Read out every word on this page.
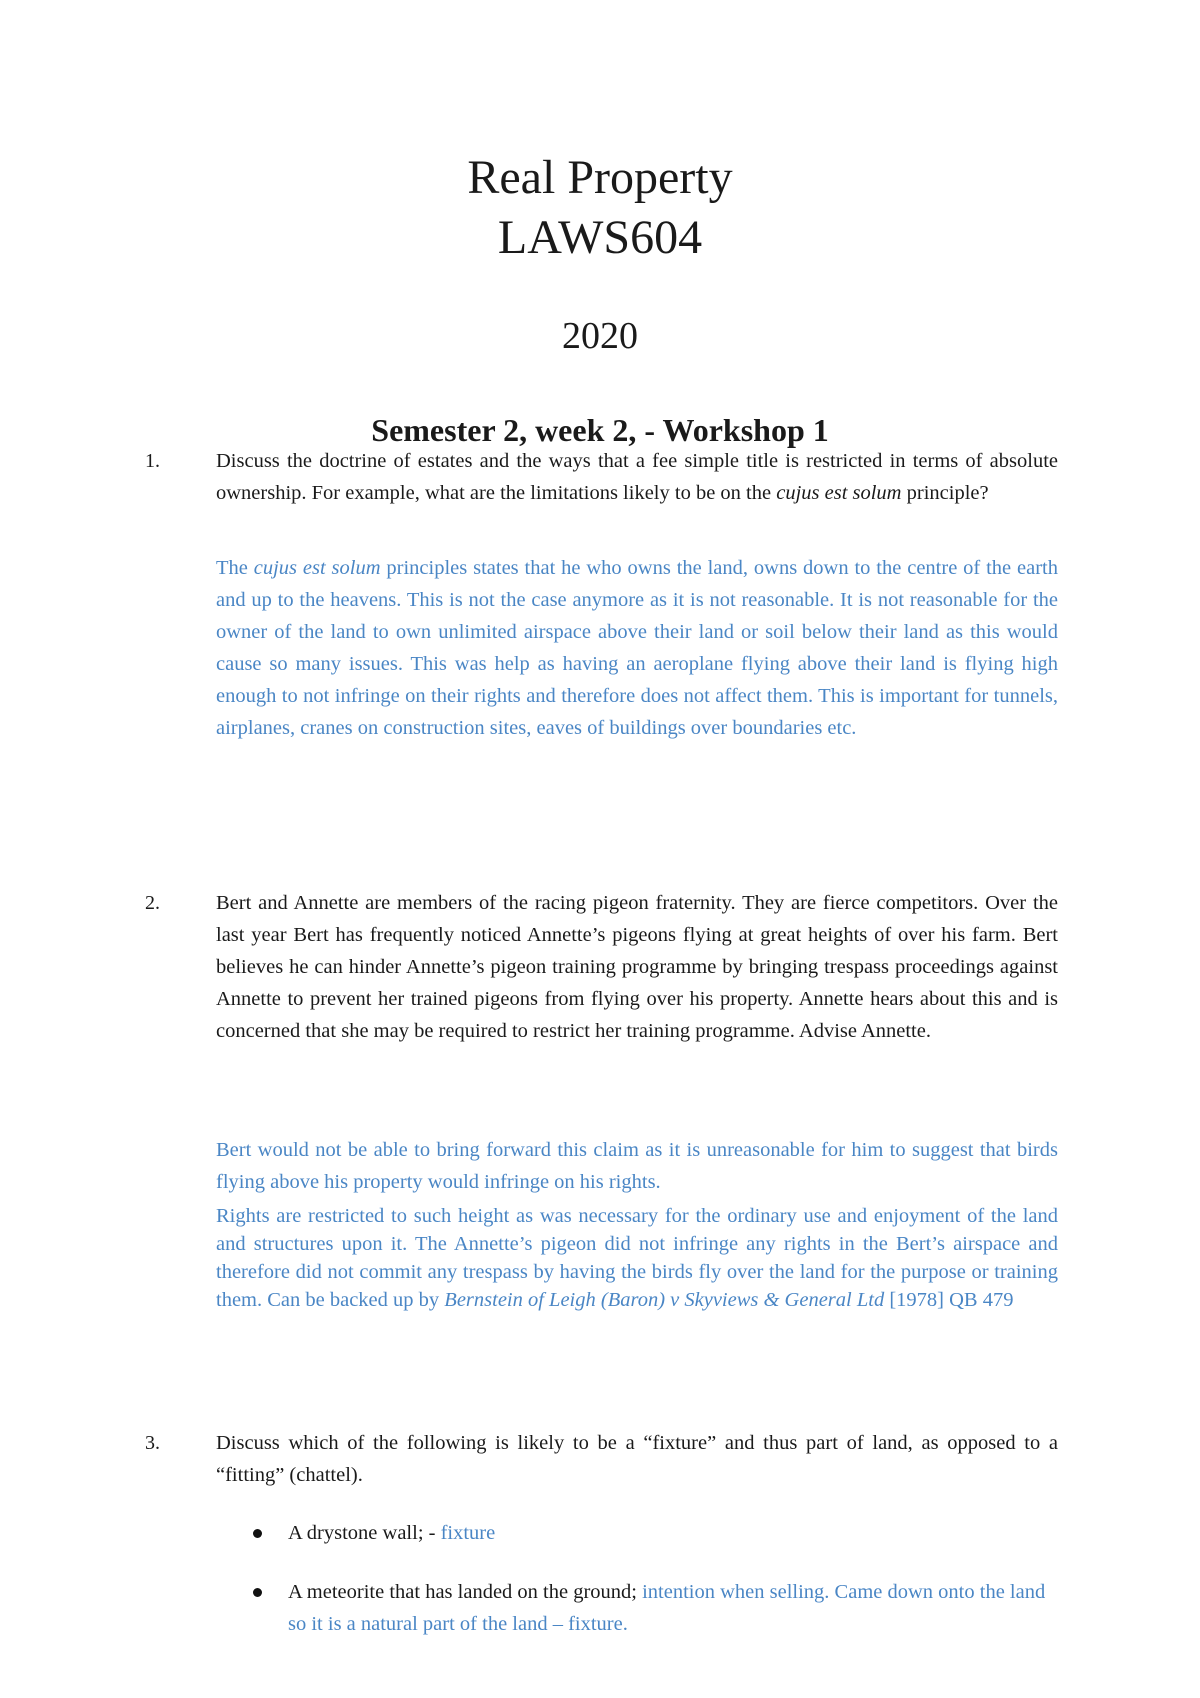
Real Property
LAWS604
2020
Semester 2, week 2, - Workshop 1
1.	Discuss the doctrine of estates and the ways that a fee simple title is restricted in terms of absolute ownership. For example, what are the limitations likely to be on the cujus est solum principle?
The cujus est solum principles states that he who owns the land, owns down to the centre of the earth and up to the heavens. This is not the case anymore as it is not reasonable. It is not reasonable for the owner of the land to own unlimited airspace above their land or soil below their land as this would cause so many issues. This was help as having an aeroplane flying above their land is flying high enough to not infringe on their rights and therefore does not affect them. This is important for tunnels, airplanes, cranes on construction sites, eaves of buildings over boundaries etc.
2.	Bert and Annette are members of the racing pigeon fraternity. They are fierce competitors. Over the last year Bert has frequently noticed Annette’s pigeons flying at great heights of over his farm. Bert believes he can hinder Annette’s pigeon training programme by bringing trespass proceedings against Annette to prevent her trained pigeons from flying over his property. Annette hears about this and is concerned that she may be required to restrict her training programme. Advise Annette.
Bert would not be able to bring forward this claim as it is unreasonable for him to suggest that birds flying above his property would infringe on his rights.
Rights are restricted to such height as was necessary for the ordinary use and enjoyment of the land and structures upon it. The Annette’s pigeon did not infringe any rights in the Bert’s airspace and therefore did not commit any trespass by having the birds fly over the land for the purpose or training them. Can be backed up by Bernstein of Leigh (Baron) v Skyviews & General Ltd [1978] QB 479
3.	Discuss which of the following is likely to be a “fixture” and thus part of land, as opposed to a “fitting” (chattel).
A drystone wall; - fixture
A meteorite that has landed on the ground; intention when selling. Came down onto the land so it is a natural part of the land – fixture.
